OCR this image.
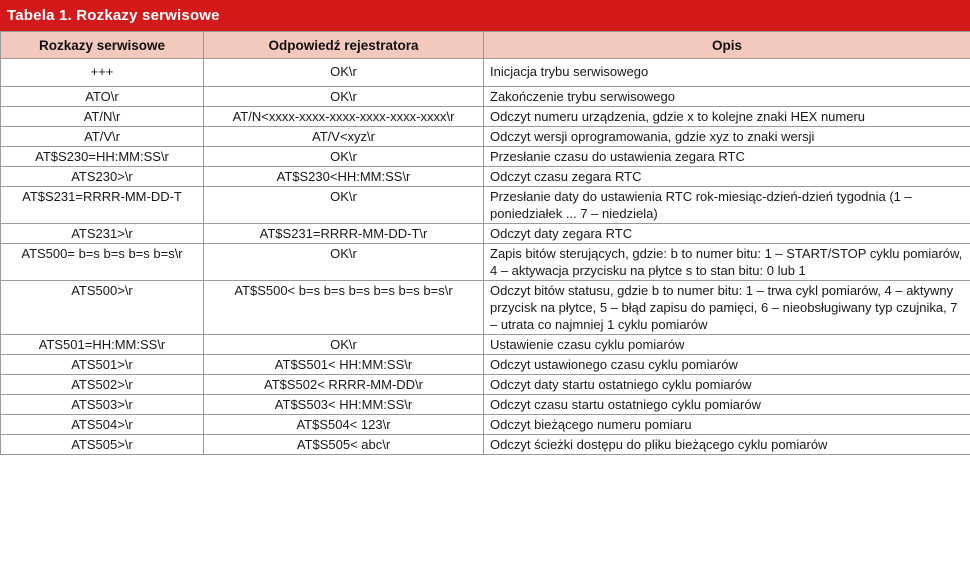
Tabela 1. Rozkazy serwisowe
Rozkazy serwisowe	Odpowiedź rejestratora	Opis
+++	OK\r	Inicjacja trybu serwisowego
ATO\r	OK\r	Zakończenie trybu serwisowego
AT/N\r	AT/N<xxxx-xxxx-xxxx-xxxx-xxxx-xxxx\r	Odczyt numeru urządzenia, gdzie x to kolejne znaki HEX numeru
AT/V\r	AT/V<xyz\r	Odczyt wersji oprogramowania, gdzie xyz to znaki wersji
AT$S230=HH:MM:SS\r	OK\r	Przesłanie czasu do ustawienia zegara RTC
ATS230>\r	AT$S230<HH:MM:SS\r	Odczyt czasu zegara RTC
AT$S231=RRRR-MM-DD-T	OK\r	Przesłanie daty do ustawienia RTC rok-miesiąc-dzień-dzień tygodnia (1 – poniedziałek ... 7 – niedziela)
ATS231>\r	AT$S231=RRRR-MM-DD-T\r	Odczyt daty zegara RTC
ATS500= b=s b=s b=s b=s\r	OK\r	Zapis bitów sterujących, gdzie: b to numer bitu: 1 – START/STOP cyklu pomiarów, 4 – aktywacja przycisku na płytce s to stan bitu: 0 lub 1
ATS500>\r	AT$S500< b=s b=s b=s b=s b=s b=s\r	Odczyt bitów statusu, gdzie b to numer bitu: 1 – trwa cykl pomiarów, 4 – aktywny przycisk na płytce, 5 – błąd zapisu do pamięci, 6 – nieobsługiwany typ czujnika, 7 – utrata co najmniej 1 cyklu pomiarów
ATS501=HH:MM:SS\r	OK\r	Ustawienie czasu cyklu pomiarów
ATS501>\r	AT$S501< HH:MM:SS\r	Odczyt ustawionego czasu cyklu pomiarów
ATS502>\r	AT$S502< RRRR-MM-DD\r	Odczyt daty startu ostatniego cyklu pomiarów
ATS503>\r	AT$S503< HH:MM:SS\r	Odczyt czasu startu ostatniego cyklu pomiarów
ATS504>\r	AT$S504< 123\r	Odczyt bieżącego numeru pomiaru
ATS505>\r	AT$S505< abc\r	Odczyt ścieżki dostępu do pliku bieżącego cyklu pomiarów
